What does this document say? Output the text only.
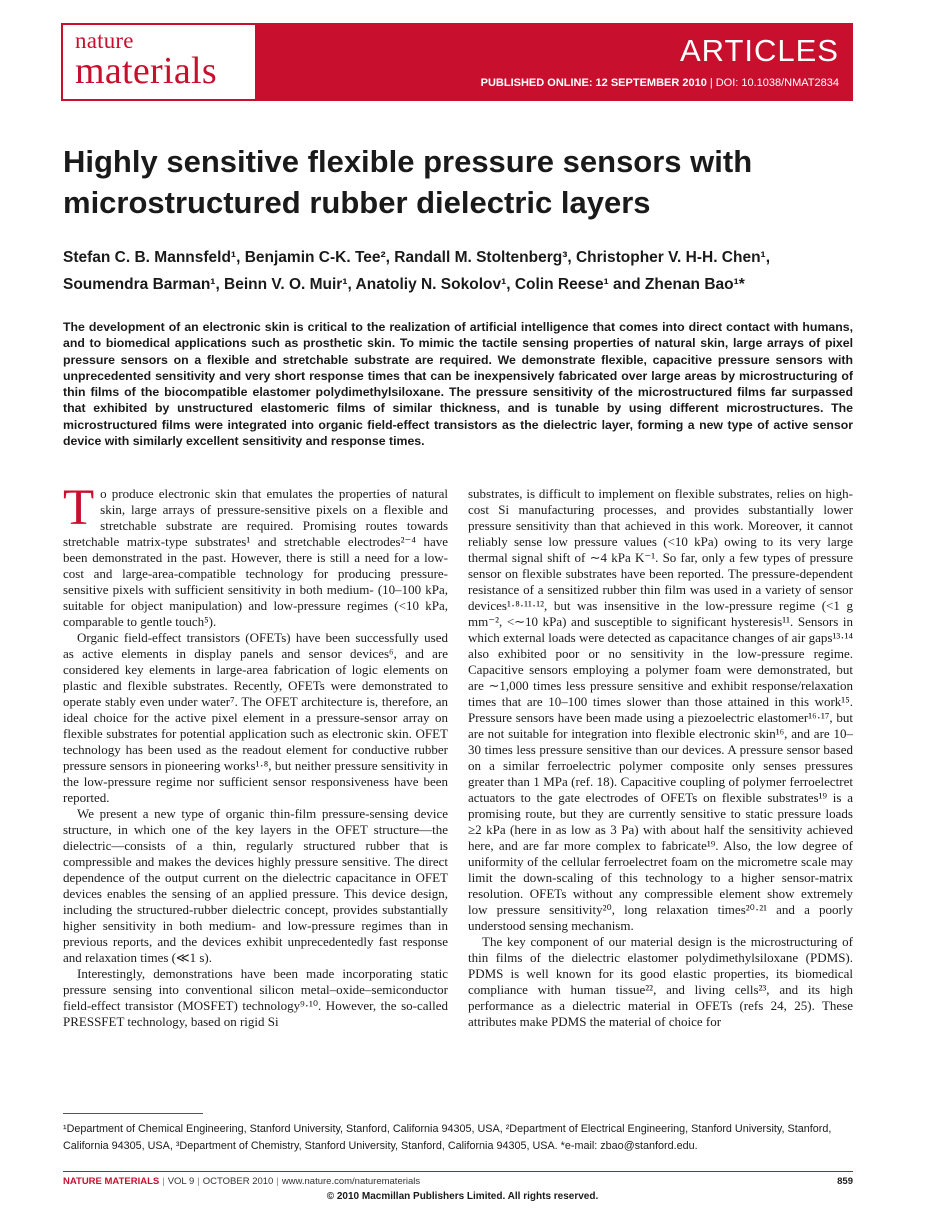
nature
materials	ARTICLES
PUBLISHED ONLINE: 12 SEPTEMBER 2010 | DOI: 10.1038/NMAT2834
Highly sensitive flexible pressure sensors with microstructured rubber dielectric layers
Stefan C. B. Mannsfeld¹, Benjamin C-K. Tee², Randall M. Stoltenberg³, Christopher V. H-H. Chen¹,
Soumendra Barman¹, Beinn V. O. Muir¹, Anatoliy N. Sokolov¹, Colin Reese¹ and Zhenan Bao¹*

The development of an electronic skin is critical to the realization of artificial intelligence that comes into direct contact with humans, and to biomedical applications such as prosthetic skin. To mimic the tactile sensing properties of natural skin, large arrays of pixel pressure sensors on a flexible and stretchable substrate are required. We demonstrate flexible, capacitive pressure sensors with unprecedented sensitivity and very short response times that can be inexpensively fabricated over large areas by microstructuring of thin films of the biocompatible elastomer polydimethylsiloxane. The pressure sensitivity of the microstructured films far surpassed that exhibited by unstructured elastomeric films of similar thickness, and is tunable by using different microstructures. The microstructured films were integrated into organic field-effect transistors as the dielectric layer, forming a new type of active sensor device with similarly excellent sensitivity and response times.

To produce electronic skin that emulates the properties of natural skin, large arrays of pressure-sensitive pixels on a flexible and stretchable substrate are required. Promising routes towards stretchable matrix-type substrates¹ and stretchable electrodes²⁻⁴ have been demonstrated in the past. However, there is still a need for a low-cost and large-area-compatible technology for producing pressure-sensitive pixels with sufficient sensitivity in both medium- (10–100 kPa, suitable for object manipulation) and low-pressure regimes (<10 kPa, comparable to gentle touch⁵).

Organic field-effect transistors (OFETs) have been successfully used as active elements in display panels and sensor devices⁶, and are considered key elements in large-area fabrication of logic elements on plastic and flexible substrates. Recently, OFETs were demonstrated to operate stably even under water⁷. The OFET architecture is, therefore, an ideal choice for the active pixel element in a pressure-sensor array on flexible substrates for potential application such as electronic skin. OFET technology has been used as the readout element for conductive rubber pressure sensors in pioneering works¹·⁸, but neither pressure sensitivity in the low-pressure regime nor sufficient sensor responsiveness have been reported.

We present a new type of organic thin-film pressure-sensing device structure, in which one of the key layers in the OFET structure—the dielectric—consists of a thin, regularly structured rubber that is compressible and makes the devices highly pressure sensitive. The direct dependence of the output current on the dielectric capacitance in OFET devices enables the sensing of an applied pressure. This device design, including the structured-rubber dielectric concept, provides substantially higher sensitivity in both medium- and low-pressure regimes than in previous reports, and the devices exhibit unprecedentedly fast response and relaxation times (≪1 s).

Interestingly, demonstrations have been made incorporating static pressure sensing into conventional silicon metal–oxide–semiconductor field-effect transistor (MOSFET) technology⁹·¹⁰. However, the so-called PRESSFET technology, based on rigid Si

substrates, is difficult to implement on flexible substrates, relies on high-cost Si manufacturing processes, and provides substantially lower pressure sensitivity than that achieved in this work. Moreover, it cannot reliably sense low pressure values (<10 kPa) owing to its very large thermal signal shift of ∼4 kPa K⁻¹. So far, only a few types of pressure sensor on flexible substrates have been reported. The pressure-dependent resistance of a sensitized rubber thin film was used in a variety of sensor devices¹·⁸·¹¹·¹², but was insensitive in the low-pressure regime (<1 g mm⁻², <∼10 kPa) and susceptible to significant hysteresis¹¹. Sensors in which external loads were detected as capacitance changes of air gaps¹³·¹⁴ also exhibited poor or no sensitivity in the low-pressure regime. Capacitive sensors employing a polymer foam were demonstrated, but are ∼1,000 times less pressure sensitive and exhibit response/relaxation times that are 10–100 times slower than those attained in this work¹⁵. Pressure sensors have been made using a piezoelectric elastomer¹⁶·¹⁷, but are not suitable for integration into flexible electronic skin¹⁶, and are 10–30 times less pressure sensitive than our devices. A pressure sensor based on a similar ferroelectric polymer composite only senses pressures greater than 1 MPa (ref. 18). Capacitive coupling of polymer ferroelectret actuators to the gate electrodes of OFETs on flexible substrates¹⁹ is a promising route, but they are currently sensitive to static pressure loads ≥2 kPa (here in as low as 3 Pa) with about half the sensitivity achieved here, and are far more complex to fabricate¹⁹. Also, the low degree of uniformity of the cellular ferroelectret foam on the micrometre scale may limit the down-scaling of this technology to a higher sensor-matrix resolution. OFETs without any compressible element show extremely low pressure sensitivity²⁰, long relaxation times²⁰·²¹ and a poorly understood sensing mechanism.

The key component of our material design is the microstructuring of thin films of the dielectric elastomer polydimethylsiloxane (PDMS). PDMS is well known for its good elastic properties, its biomedical compliance with human tissue²², and living cells²³, and its high performance as a dielectric material in OFETs (refs 24, 25). These attributes make PDMS the material of choice for

¹Department of Chemical Engineering, Stanford University, Stanford, California 94305, USA, ²Department of Electrical Engineering, Stanford University, Stanford, California 94305, USA, ³Department of Chemistry, Stanford University, Stanford, California 94305, USA. *e-mail: zbao@stanford.edu.

NATURE MATERIALS | VOL 9 | OCTOBER 2010 | www.nature.com/naturematerials	859
© 2010 Macmillan Publishers Limited. All rights reserved.
